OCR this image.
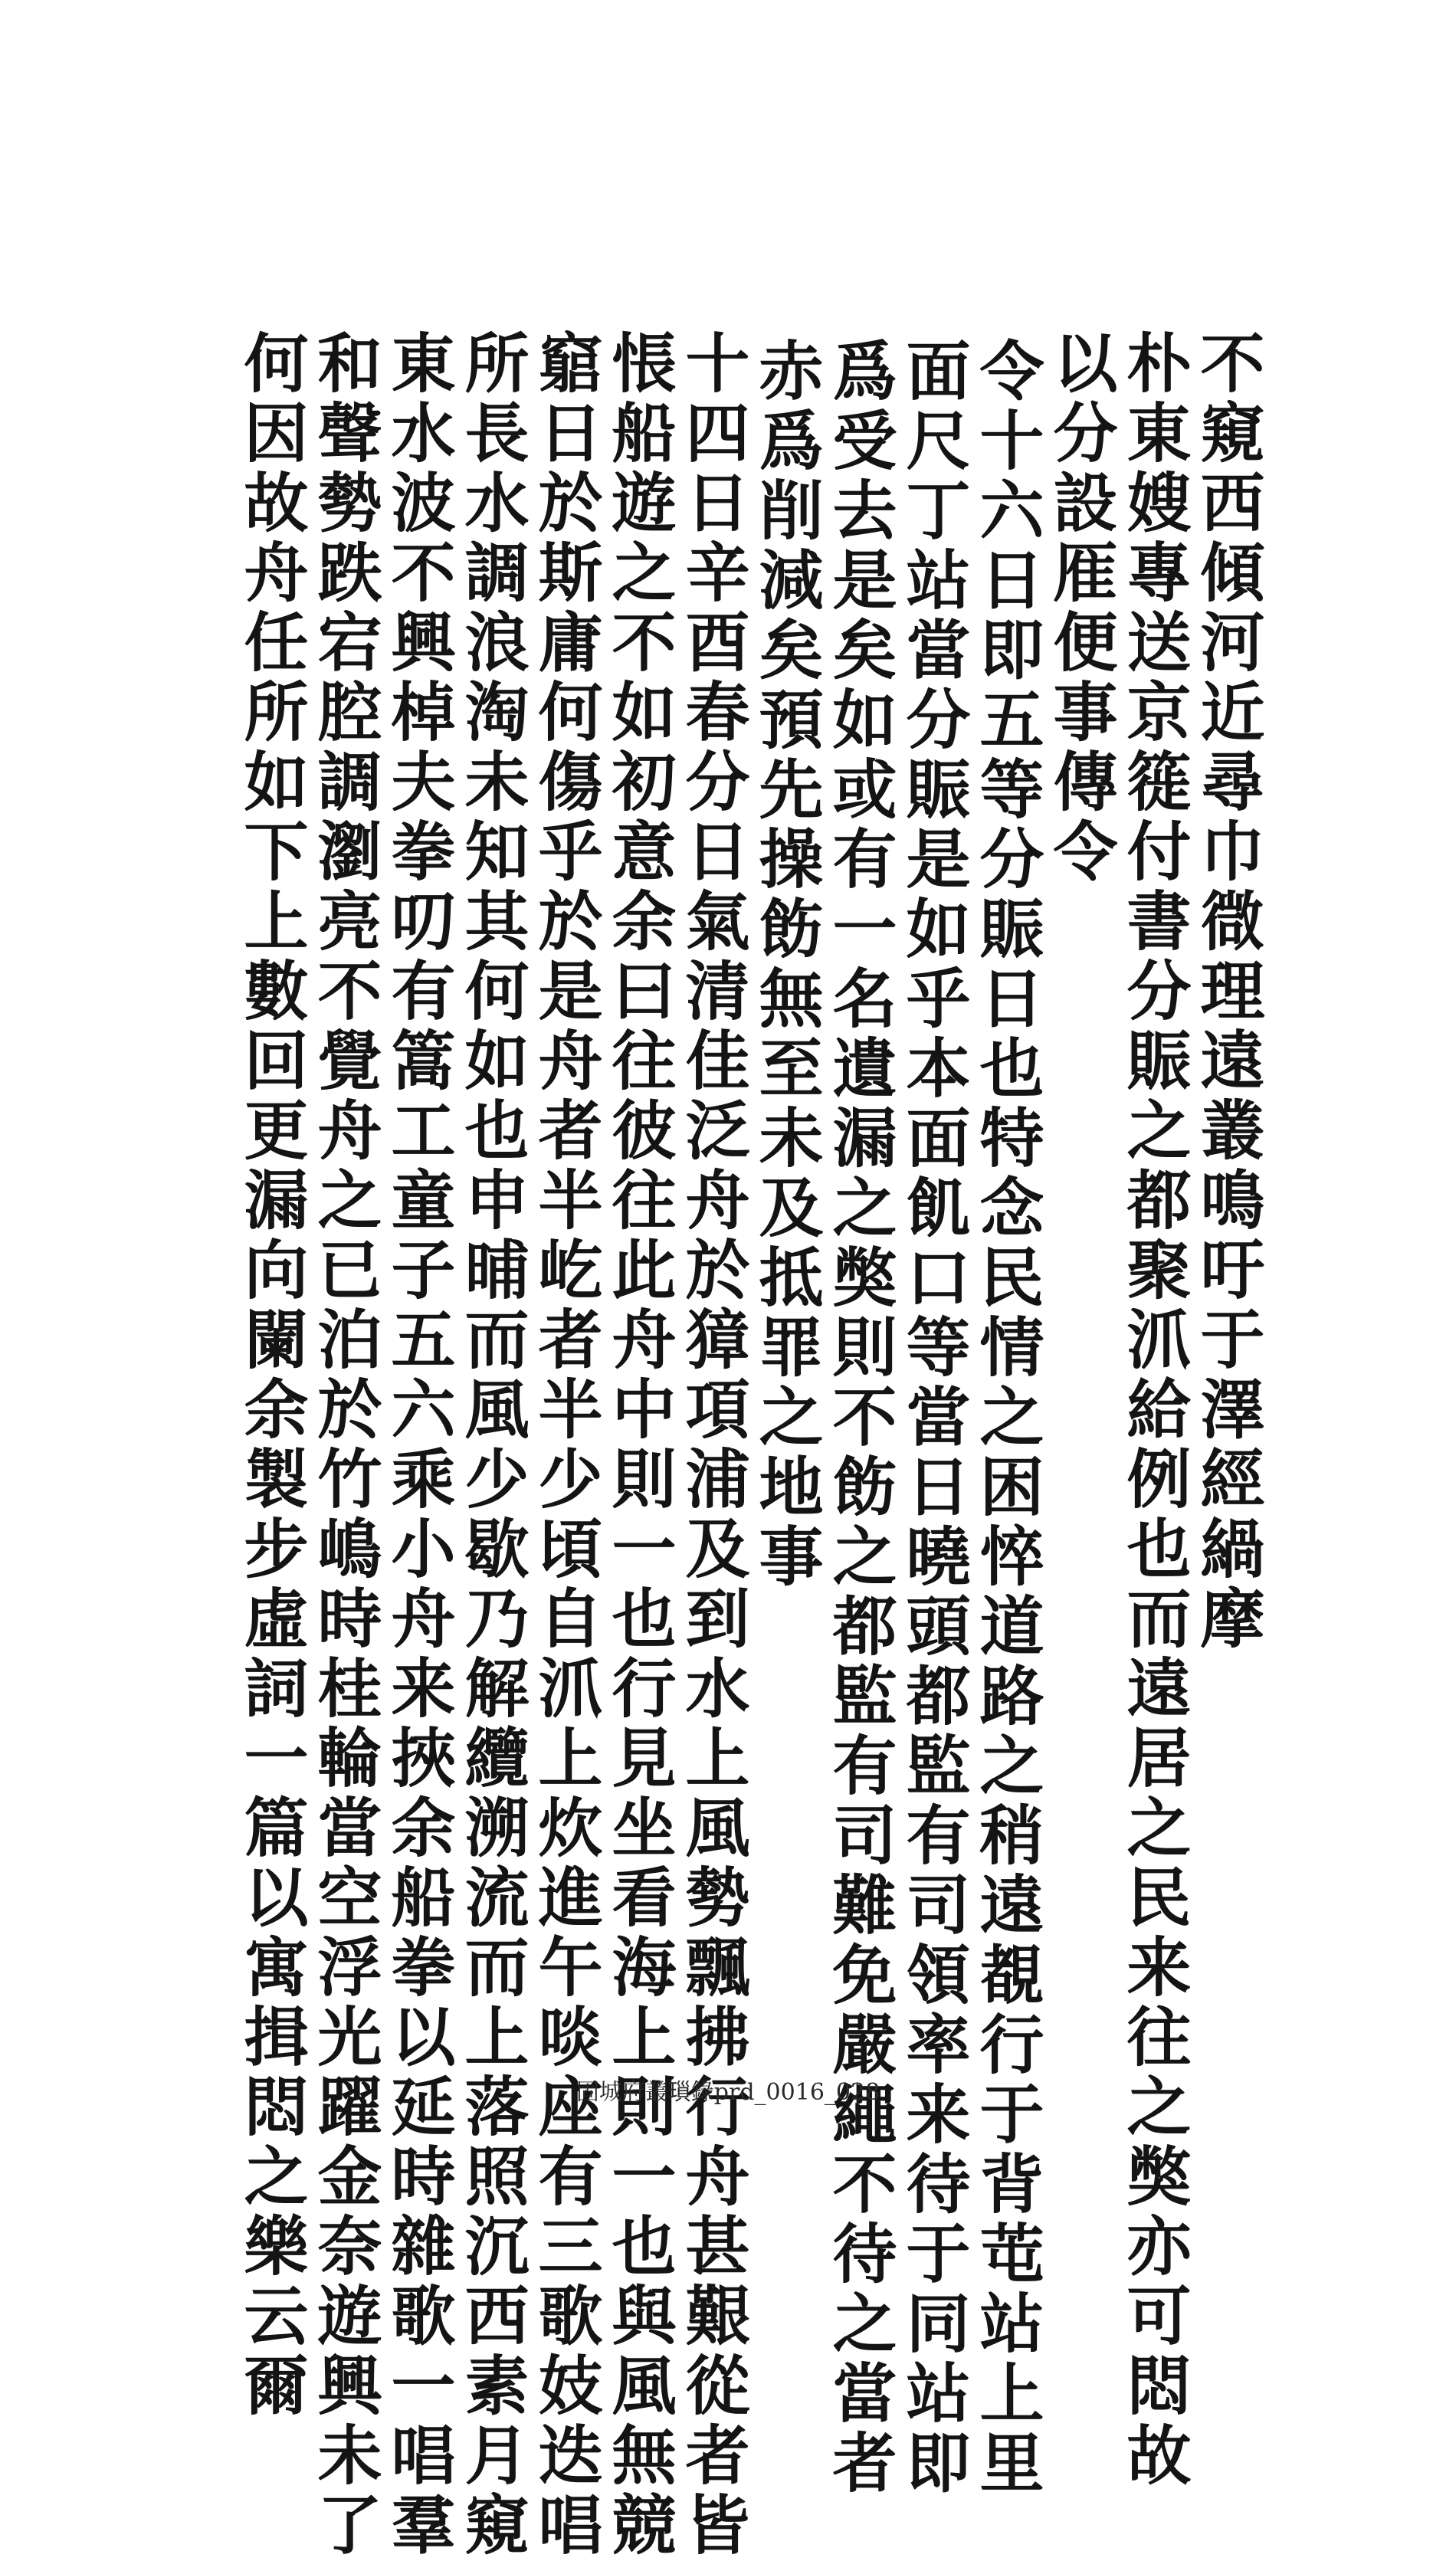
不窺西傾河近尋巾㣲理遠叢鳴吁于澤經緺摩
朴東嫂專送京簁付書分賑之都聚沠給例也而遠居之民来往之獘亦可悶故
以分設㕍便事傳令
令十六日即五等分賑日也特念民情之困悴道路之稍遠覩行于背芚站上里
面尺丁站當分賑是如乎本面飢口等當日曉頭都監有司領率来待于同站即
爲受去是矣如或有一名遺漏之獘則不飭之都監有司難免嚴繩不待之當者
赤爲削減矣預先操飭無至未及抵罪之地事
十四日辛酉春分日氣清佳泛舟於獐項浦及到水上風勢飄拂行舟甚艱從者皆
悵船遊之不如初意余曰往彼往此舟中則一也行見坐看海上則一也與風無競
竆日於斯庸何傷乎於是舟者半屹者半少頃自沠上炊進午啖座有三歌妓迭唱
所長水調浪淘未知其何如也申晡而風少歇乃解纜溯流而上落照沉西素月窺
東水波不興棹夫拳叨有篙工童子五六乘小舟来挾余船拳以延時雜歌一唱羣
和聲勢跌宕腔調瀏亮不覺舟之已泊於竹嶋時桂輪當空浮光躍金奈遊興未了
何因故舟任所如下上數回更漏向闌余製步虛詞一篇以寓揖悶之樂云爾	固城府叢𤨏錄prd_0016_028
